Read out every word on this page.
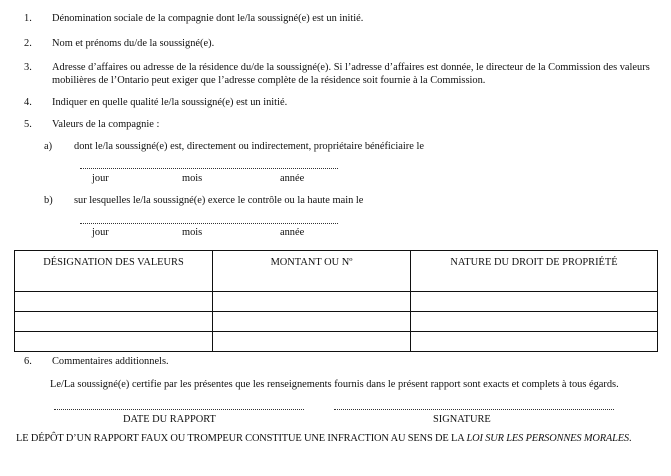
1. Dénomination sociale de la compagnie dont le/la soussigné(e) est un initié.
2. Nom et prénoms du/de la soussigné(e).
3. Adresse d’affaires ou adresse de la résidence du/de la soussigné(e). Si l’adresse d’affaires est donnée, le directeur de la Commission des valeurs mobilières de l’Ontario peut exiger que l’adresse complète de la résidence soit fournie à la Commission.
4. Indiquer en quelle qualité le/la soussigné(e) est un initié.
5. Valeurs de la compagnie :
a) dont le/la soussigné(e) est, directement ou indirectement, propriétaire bénéficiaire le
jour	mois	année
b) sur lesquelles le/la soussigné(e) exerce le contrôle ou la haute main le
jour	mois	année
DÉSIGNATION DES VALEURS	MONTANT OU Nº	NATURE DU DROIT DE PROPRIÉTÉ

6. Commentaires additionnels.
Le/La soussigné(e) certifie par les présentes que les renseignements fournis dans le présent rapport sont exacts et complets à tous égards.
DATE DU RAPPORT	SIGNATURE
LE DÉPÔT D’UN RAPPORT FAUX OU TROMPEUR CONSTITUE UNE INFRACTION AU SENS DE LA LOI SUR LES PERSONNES MORALES.
